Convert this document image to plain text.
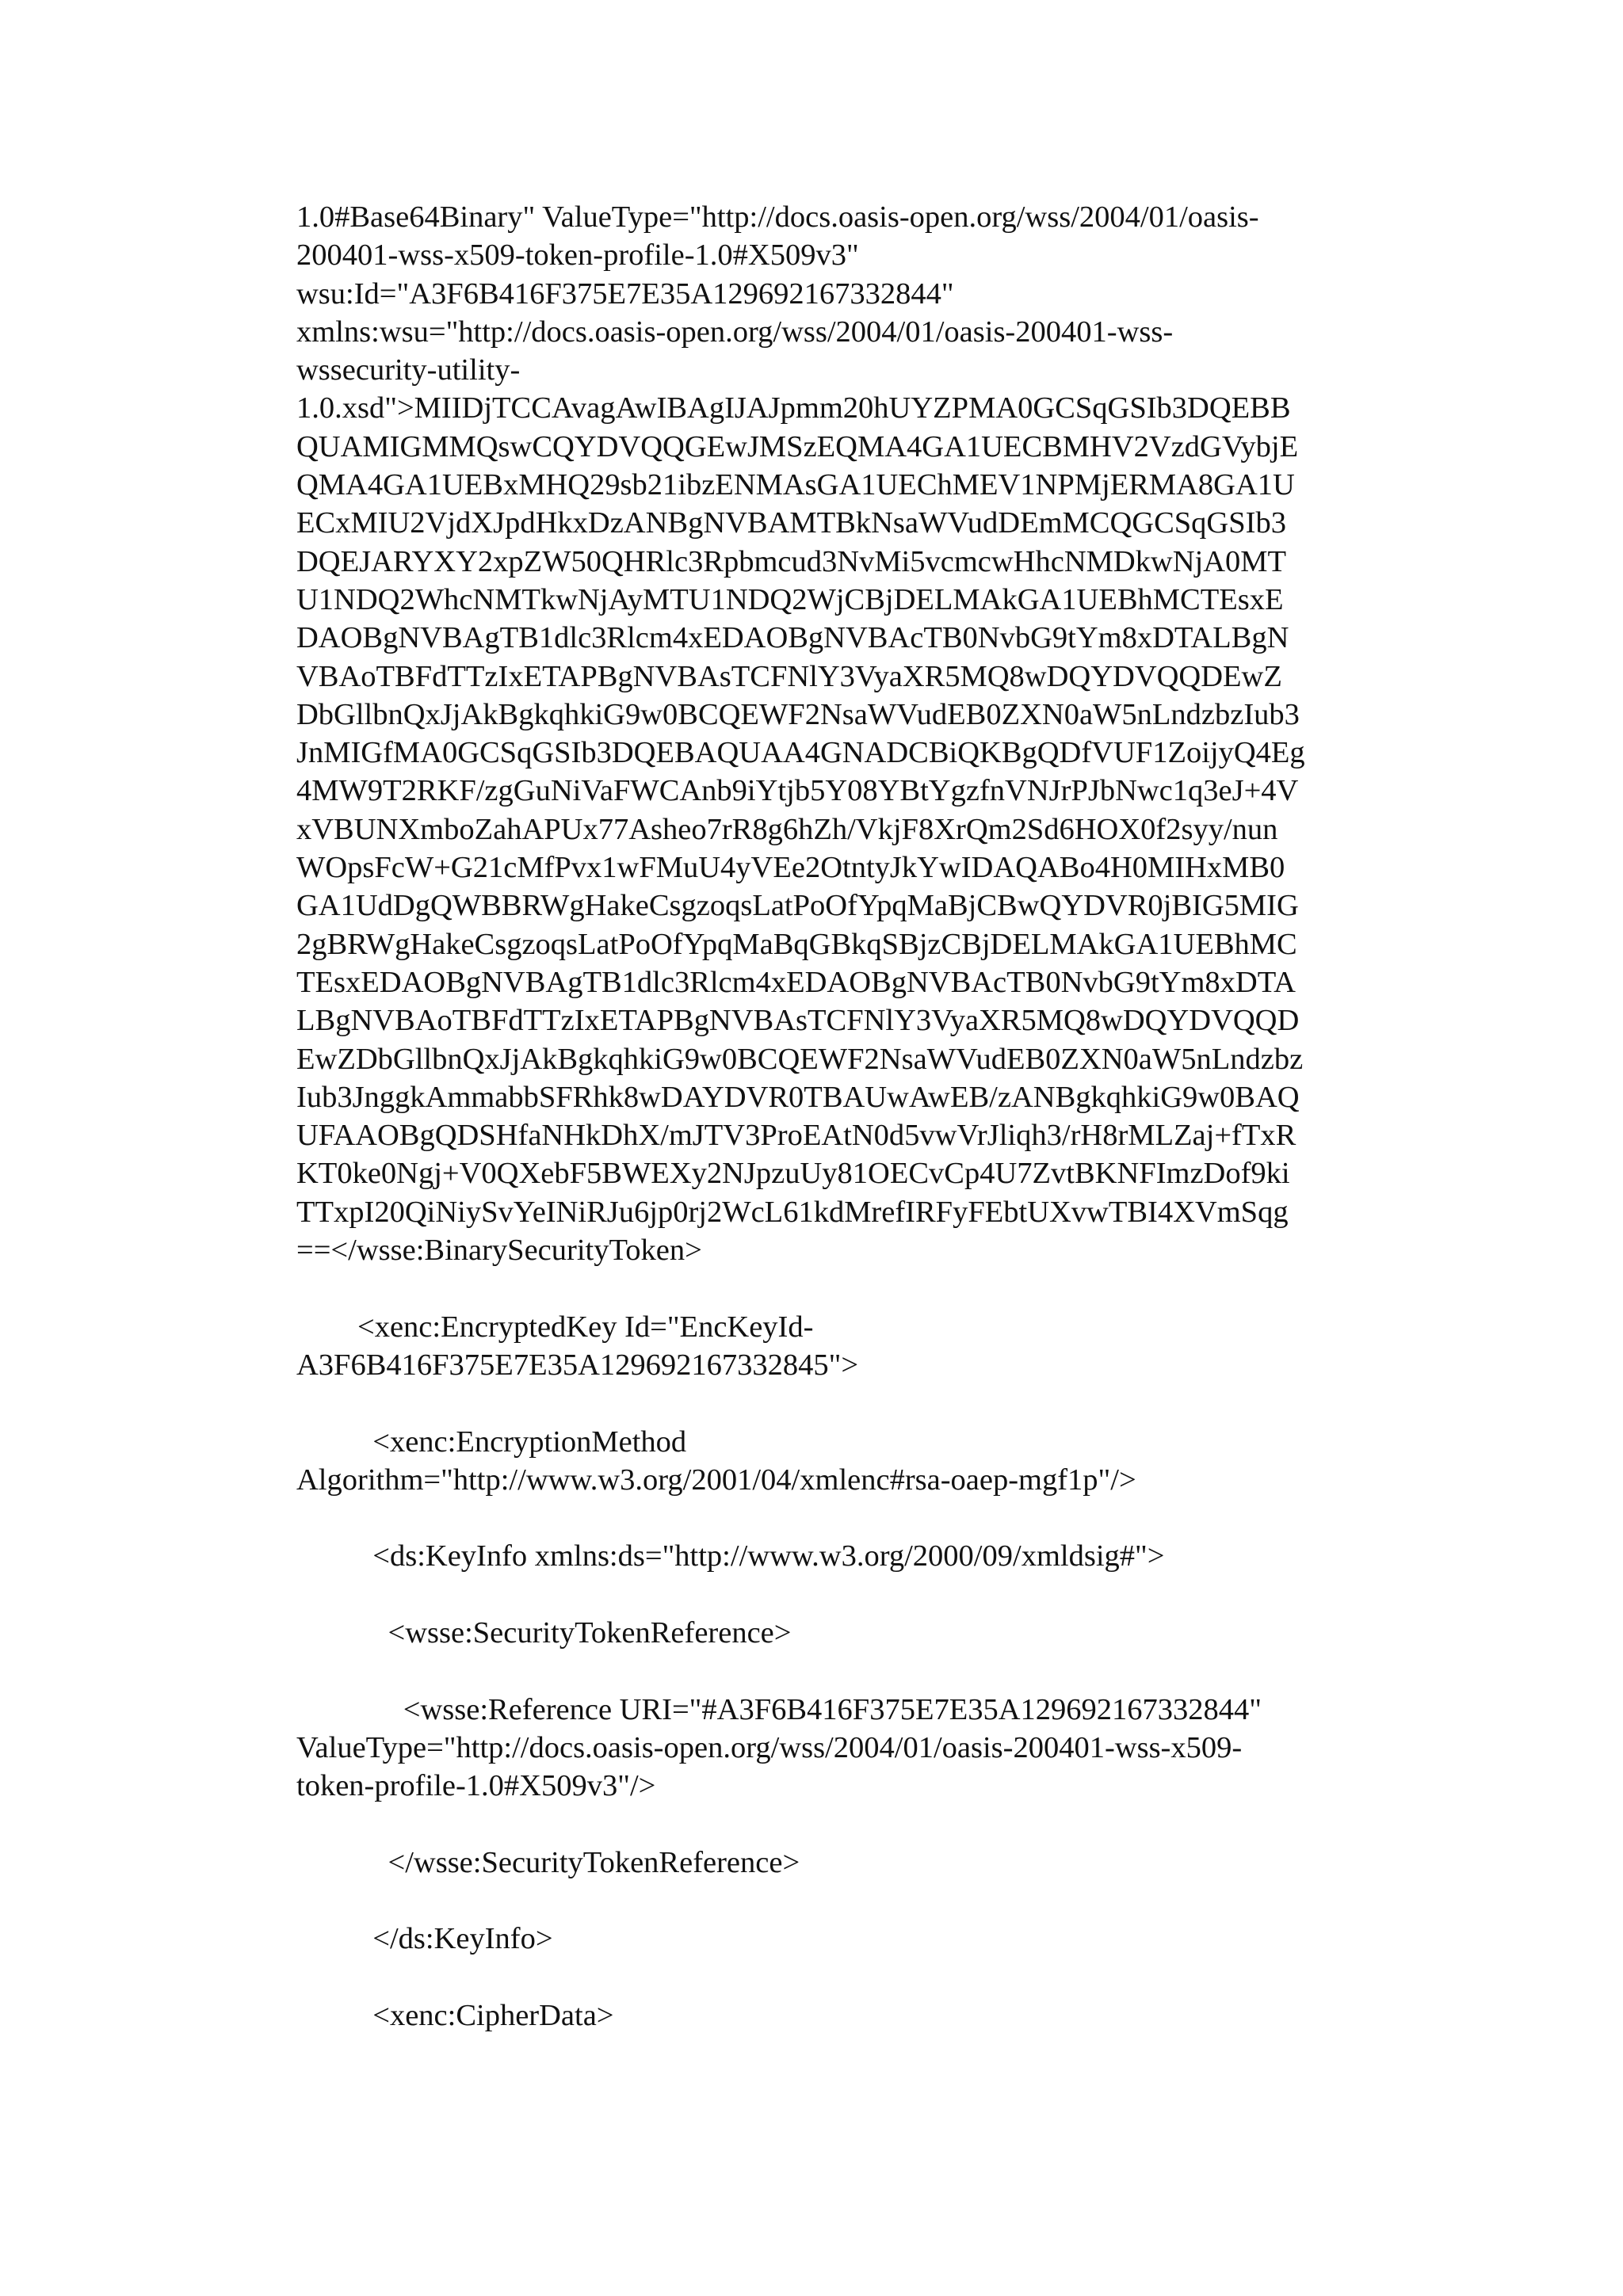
1.0#Base64Binary" ValueType="http://docs.oasis-open.org/wss/2004/01/oasis-
200401-wss-x509-token-profile-1.0#X509v3"
wsu:Id="A3F6B416F375E7E35A129692167332844"
xmlns:wsu="http://docs.oasis-open.org/wss/2004/01/oasis-200401-wss-
wssecurity-utility-
1.0.xsd">MIIDjTCCAvagAwIBAgIJAJpmm20hUYZPMA0GCSqGSIb3DQEBB
QUAMIGMMQswCQYDVQQGEwJMSzEQMA4GA1UECBMHV2VzdGVybjE
QMA4GA1UEBxMHQ29sb21ibzENMAsGA1UEChMEV1NPMjERMA8GA1U
ECxMIU2VjdXJpdHkxDzANBgNVBAMTBkNsaWVudDEmMCQGCSqGSIb3
DQEJARYXY2xpZW50QHRlc3Rpbmcud3NvMi5vcmcwHhcNMDkwNjA0MT
U1NDQ2WhcNMTkwNjAyMTU1NDQ2WjCBjDELMAkGA1UEBhMCTEsxE
DAOBgNVBAgTB1dlc3Rlcm4xEDAOBgNVBAcTB0NvbG9tYm8xDTALBgN
VBAoTBFdTTzIxETAPBgNVBAsTCFNlY3VyaXR5MQ8wDQYDVQQDEwZ
DbGllbnQxJjAkBgkqhkiG9w0BCQEWF2NsaWVudEB0ZXN0aW5nLndzbzIub3
JnMIGfMA0GCSqGSIb3DQEBAQUAA4GNADCBiQKBgQDfVUF1ZoijyQ4Eg
4MW9T2RKF/zgGuNiVaFWCAnb9iYtjb5Y08YBtYgzfnVNJrPJbNwc1q3eJ+4V
xVBUNXmboZahAPUx77Asheo7rR8g6hZh/VkjF8XrQm2Sd6HOX0f2syy/nun
WOpsFcW+G21cMfPvx1wFMuU4yVEe2OtntyJkYwIDAQABo4H0MIHxMB0
GA1UdDgQWBBRWgHakeCsgzoqsLatPoOfYpqMaBjCBwQYDVR0jBIG5MIG
2gBRWgHakeCsgzoqsLatPoOfYpqMaBqGBkqSBjzCBjDELMAkGA1UEBhMC
TEsxEDAOBgNVBAgTB1dlc3Rlcm4xEDAOBgNVBAcTB0NvbG9tYm8xDTA
LBgNVBAoTBFdTTzIxETAPBgNVBAsTCFNlY3VyaXR5MQ8wDQYDVQQD
EwZDbGllbnQxJjAkBgkqhkiG9w0BCQEWF2NsaWVudEB0ZXN0aW5nLndzbz
Iub3JnggkAmmabbSFRhk8wDAYDVR0TBAUwAwEB/zANBgkqhkiG9w0BAQ
UFAAOBgQDSHfaNHkDhX/mJTV3ProEAtN0d5vwVrJliqh3/rH8rMLZaj+fTxR
KT0ke0Ngj+V0QXebF5BWEXy2NJpzuUy81OECvCp4U7ZvtBKNFImzDof9ki
TTxpI20QiNiySvYeINiRJu6jp0rj2WcL61kdMrefIRFyFEbtUXvwTBI4XVmSqg
==</wsse:BinarySecurityToken>
<xenc:EncryptedKey Id="EncKeyId-
A3F6B416F375E7E35A129692167332845">
<xenc:EncryptionMethod
Algorithm="http://www.w3.org/2001/04/xmlenc#rsa-oaep-mgf1p"/>
<ds:KeyInfo xmlns:ds="http://www.w3.org/2000/09/xmldsig#">
<wsse:SecurityTokenReference>
<wsse:Reference URI="#A3F6B416F375E7E35A129692167332844"
ValueType="http://docs.oasis-open.org/wss/2004/01/oasis-200401-wss-x509-
token-profile-1.0#X509v3"/>
</wsse:SecurityTokenReference>
</ds:KeyInfo>
<xenc:CipherData>
